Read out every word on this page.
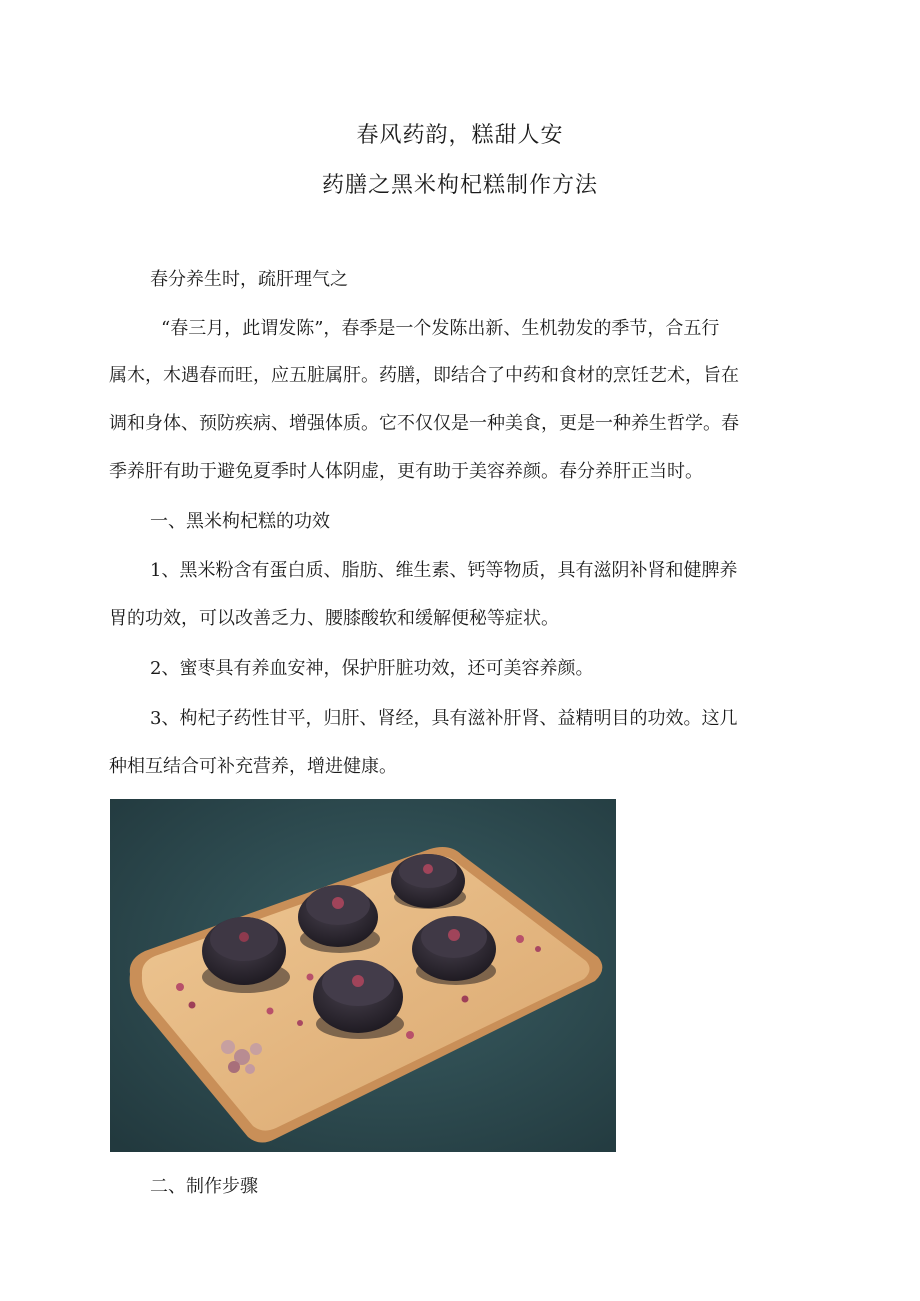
春风药韵，糕甜人安
药膳之黑米枸杞糕制作方法
春分养生时，疏肝理气之
“春三月，此谓发陈”，春季是一个发陈出新、生机勃发的季节，合五行
属木，木遇春而旺，应五脏属肝。药膳，即结合了中药和食材的烹饪艺术，旨在
调和身体、预防疾病、增强体质。它不仅仅是一种美食，更是一种养生哲学。春
季养肝有助于避免夏季时人体阴虚，更有助于美容养颜。春分养肝正当时。
一、黑米枸杞糕的功效
1、黑米粉含有蛋白质、脂肪、维生素、钙等物质，具有滋阴补肾和健脾养
胃的功效，可以改善乏力、腰膝酸软和缓解便秘等症状。
2、蜜枣具有养血安神，保护肝脏功效，还可美容养颜。
3、枸杞子药性甘平，归肝、肾经，具有滋补肝肾、益精明目的功效。这几
种相互结合可补充营养，增进健康。
二、制作步骤
